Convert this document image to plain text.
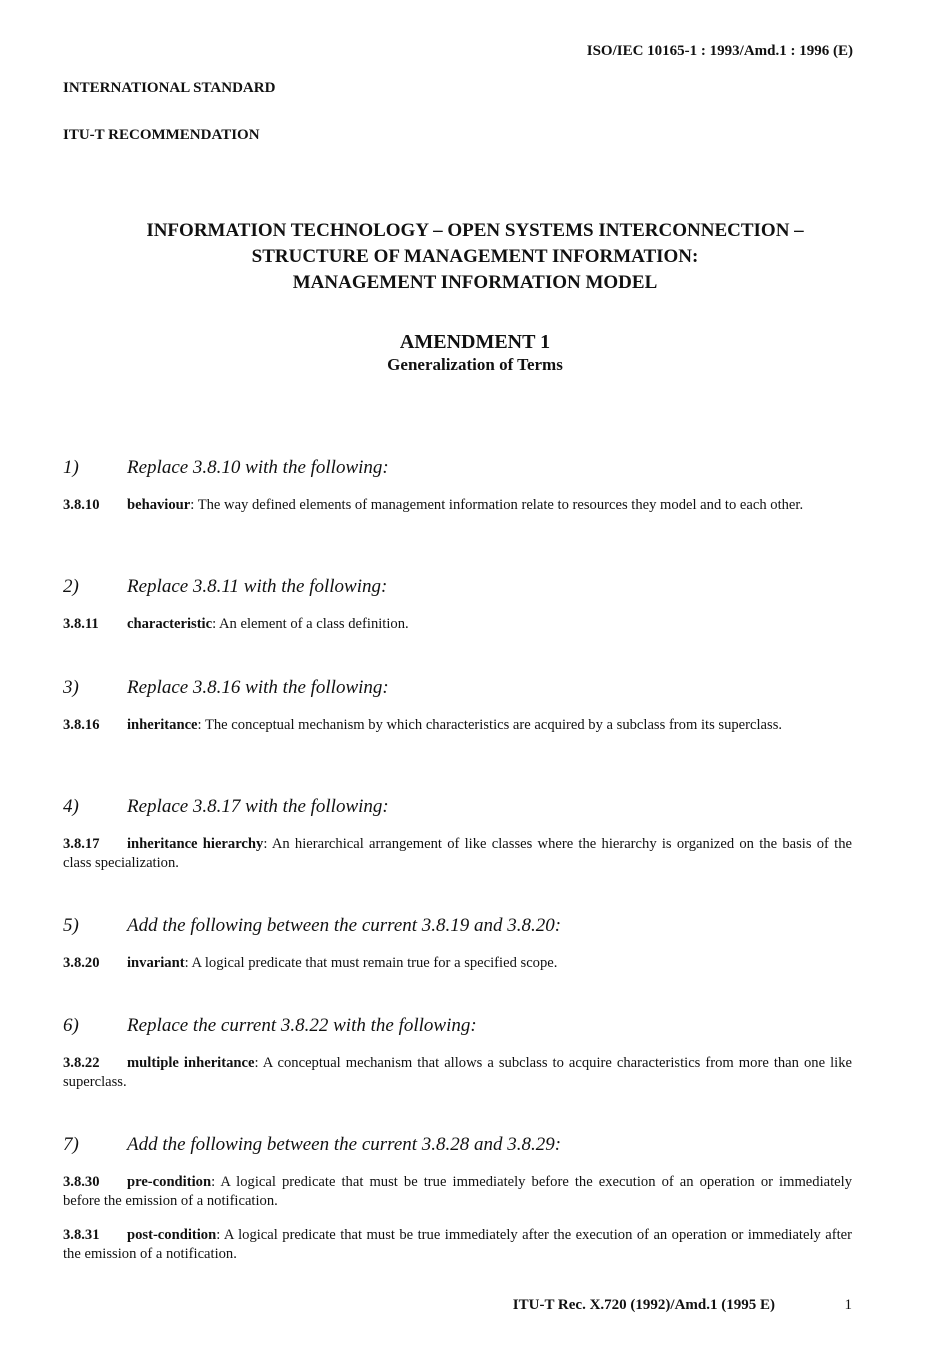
ISO/IEC 10165-1 : 1993/Amd.1 : 1996 (E)
INTERNATIONAL STANDARD
ITU-T RECOMMENDATION
INFORMATION TECHNOLOGY – OPEN SYSTEMS INTERCONNECTION –
STRUCTURE OF MANAGEMENT INFORMATION:
MANAGEMENT INFORMATION MODEL
AMENDMENT 1
Generalization of Terms
1)	Replace 3.8.10 with the following:
3.8.10 behaviour: The way defined elements of management information relate to resources they model and to each other.
2)	Replace 3.8.11 with the following:
3.8.11 characteristic: An element of a class definition.
3)	Replace 3.8.16 with the following:
3.8.16 inheritance: The conceptual mechanism by which characteristics are acquired by a subclass from its superclass.
4)	Replace 3.8.17 with the following:
3.8.17 inheritance hierarchy: An hierarchical arrangement of like classes where the hierarchy is organized on the basis of the class specialization.
5)	Add the following between the current 3.8.19 and 3.8.20:
3.8.20 invariant: A logical predicate that must remain true for a specified scope.
6)	Replace the current 3.8.22 with the following:
3.8.22 multiple inheritance: A conceptual mechanism that allows a subclass to acquire characteristics from more than one like superclass.
7)	Add the following between the current 3.8.28 and 3.8.29:
3.8.30 pre-condition: A logical predicate that must be true immediately before the execution of an operation or immediately before the emission of a notification.
3.8.31 post-condition: A logical predicate that must be true immediately after the execution of an operation or immediately after the emission of a notification.
ITU-T Rec. X.720 (1992)/Amd.1 (1995 E)	1
